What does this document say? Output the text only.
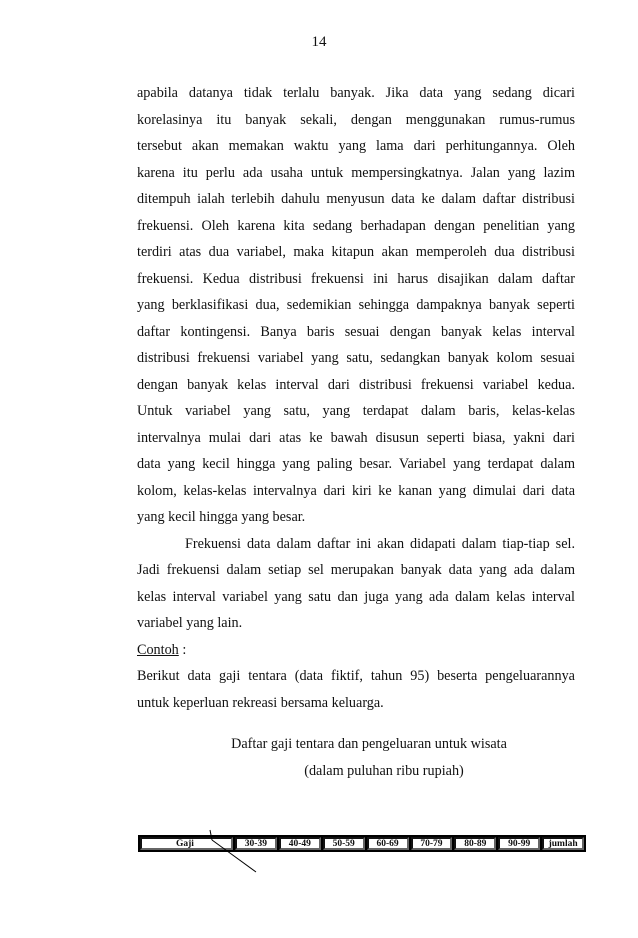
14
apabila datanya tidak terlalu banyak. Jika data yang sedang dicari
korelasinya itu banyak sekali, dengan menggunakan rumus-rumus
tersebut akan memakan waktu yang lama dari perhitungannya. Oleh
karena itu perlu ada usaha untuk mempersingkatnya. Jalan yang lazim
ditempuh ialah terlebih dahulu menyusun data ke dalam daftar distribusi
frekuensi. Oleh karena kita sedang berhadapan dengan penelitian yang
terdiri atas dua variabel, maka kitapun akan memperoleh dua distribusi
frekuensi. Kedua distribusi frekuensi ini harus disajikan dalam daftar
yang berklasifikasi dua, sedemikian sehingga dampaknya banyak seperti
daftar kontingensi. Banya baris sesuai dengan banyak kelas interval
distribusi frekuensi variabel yang satu, sedangkan banyak kolom sesuai
dengan banyak kelas interval dari distribusi frekuensi variabel kedua.
Untuk variabel yang satu, yang terdapat dalam baris, kelas-kelas
intervalnya mulai dari atas ke bawah disusun seperti biasa, yakni dari
data yang kecil hingga yang paling besar. Variabel yang terdapat dalam
kolom, kelas-kelas intervalnya dari kiri ke kanan yang dimulai dari data
yang kecil hingga yang besar.
Frekuensi data dalam daftar ini akan didapati dalam tiap-tiap sel.
Jadi frekuensi dalam setiap sel merupakan banyak data yang ada dalam
kelas interval variabel yang satu dan juga yang ada dalam kelas interval
variabel yang lain.
Contoh :
Berikut data gaji tentara (data fiktif, tahun 95) beserta pengeluarannya
untuk keperluan rekreasi bersama keluarga.
Daftar gaji tentara dan pengeluaran untuk wisata
(dalam puluhan ribu rupiah)
Gaji	30-39	40-49	50-59	60-69	70-79	80-89	90-99	jumlah
